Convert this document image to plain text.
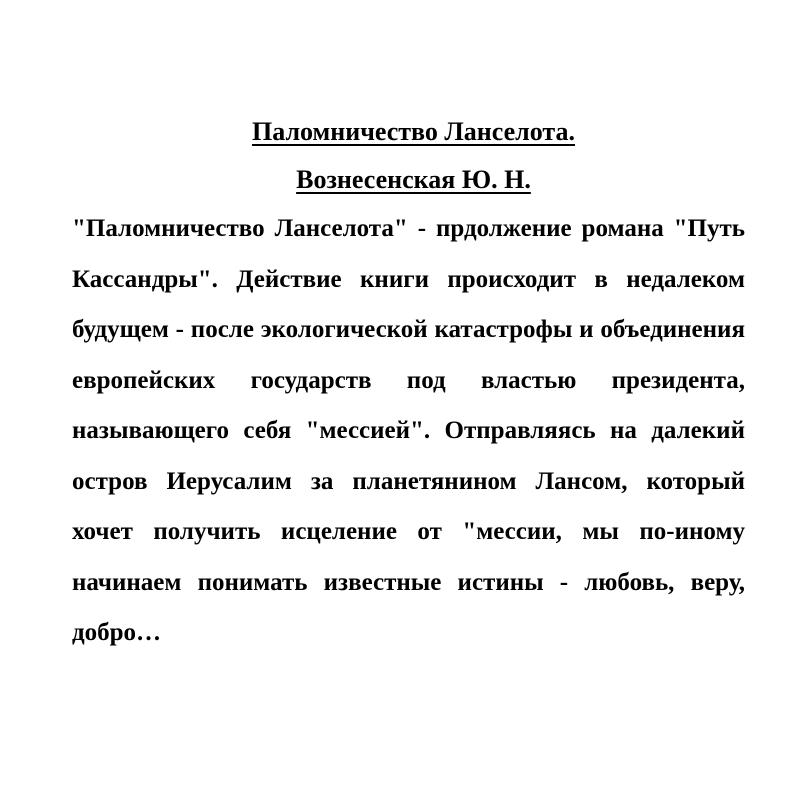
Паломничество Ланселота.
Вознесенская Ю. Н.

"Паломничество Ланселота" - прдолжение романа "Путь Кассандры". Действие книги происходит в недалеком будущем - после экологической катастрофы и объединения европейских государств под властью президента, называющего себя "мессией". Отправляясь на далекий остров Иерусалим за планетянином Лансом, который хочет получить исцеление от "мессии, мы по-иному начинаем понимать известные истины - любовь, веру, добро…
